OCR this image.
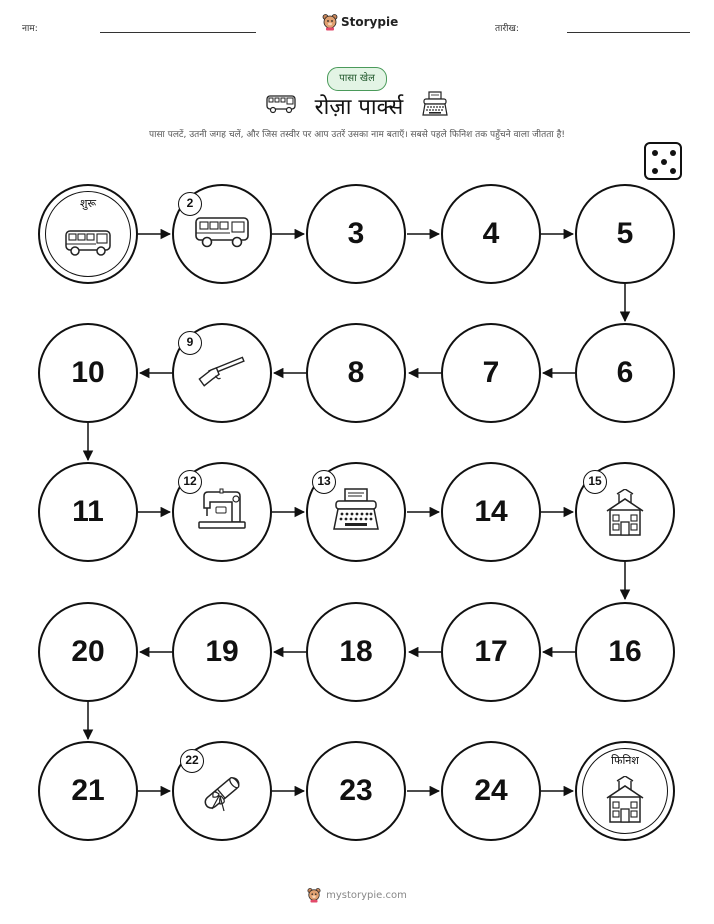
नाम:	Storypie	तारीख:
पासा खेल
रोज़ा पार्क्स
पासा पलटें, उतनी जगह चलें, और जिस तस्वीर पर आप उतरें उसका नाम बताएँ। सबसे पहले फिनिश तक पहुँचने वाला जीतता है!
शुरू	2
3	4	5
10
9
8	7	6
11
12	13
14
15
20	19	18	17	16
21
22
23	24
फिनिश
mystorypie.com
